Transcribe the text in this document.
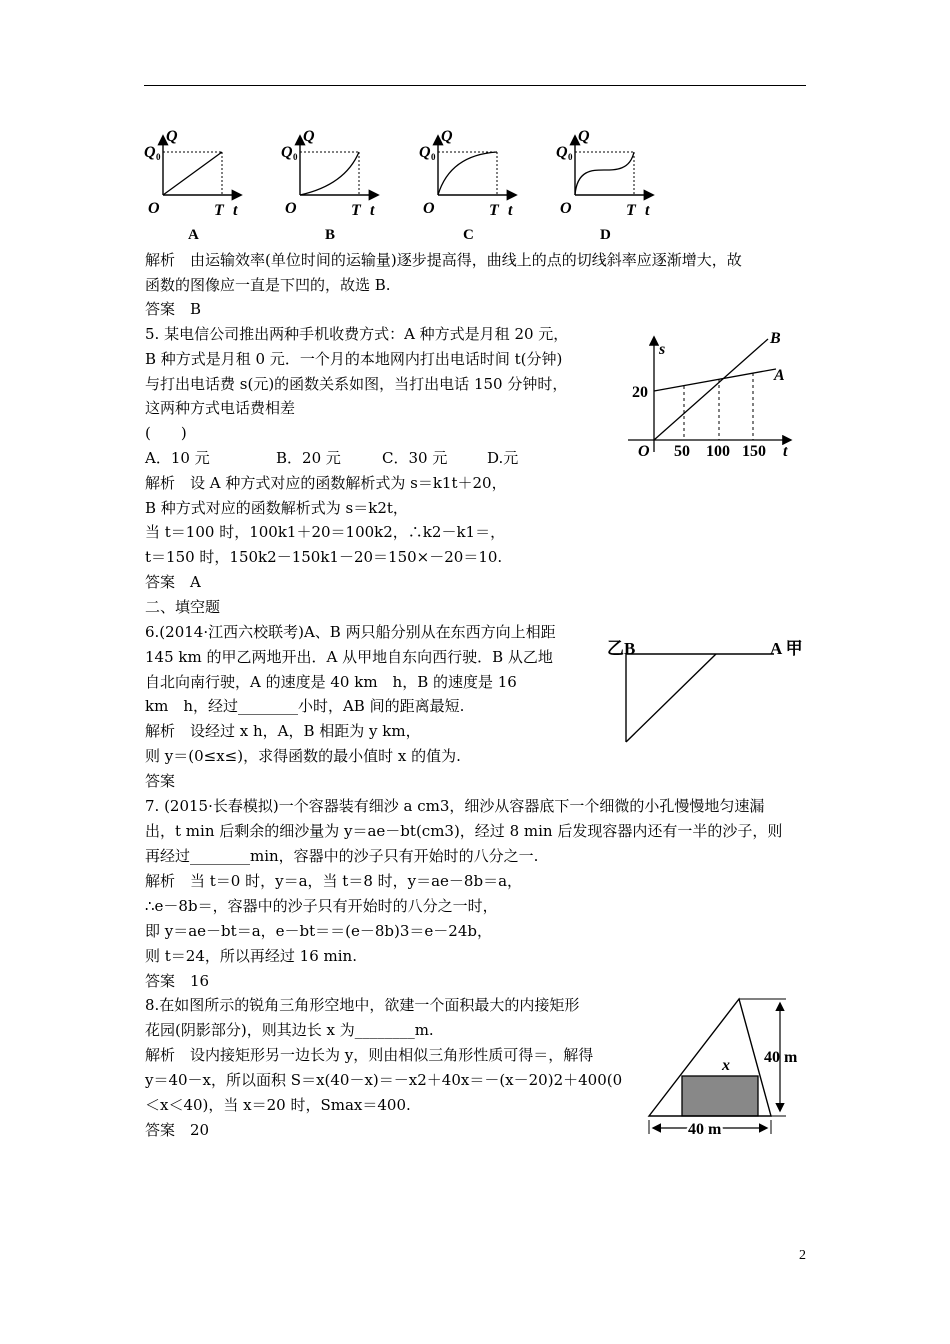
Q
Q 0
O	T t
A
Q
Q 0
O	T t
B
Q
Q 0
O	T t
C
Q
Q 0
O	T t
D
s
B
A
20
O 50 100 150 t
乙B	A 甲
x 40 m
40 m
解析　由运输效率(单位时间的运输量)逐步提高得，曲线上的点的切线斜率应逐渐增大，故
函数的图像应一直是下凹的，故选 B.
答案　B
5. 某电信公司推出两种手机收费方式：A 种方式是月租 20 元，
B 种方式是月租 0 元．一个月的本地网内打出电话时间 t(分钟)
与打出电话费 s(元)的函数关系如图，当打出电话 150 分钟时，
这两种方式电话费相差
(　　)
A．10 元	B．20 元	C．30 元	D.元
解析　设 A 种方式对应的函数解析式为 s＝k1t＋20，
B 种方式对应的函数解析式为 s＝k2t，
当 t＝100 时，100k1＋20＝100k2，∴k2－k1＝，
t＝150 时，150k2－150k1－20＝150×－20＝10.
答案　A
二、填空题
6.(2014·江西六校联考)A、B 两只船分别从在东西方向上相距
145 km 的甲乙两地开出．A 从甲地自东向西行驶．B 从乙地
自北向南行驶，A 的速度是 40 km　h，B 的速度是 16
km　h，经过________小时，AB 间的距离最短.
解析　设经过 x h，A，B 相距为 y km，
则 y＝(0≤x≤)，求得函数的最小值时 x 的值为.
答案
7. (2015·长春模拟)一个容器装有细沙 a cm3，细沙从容器底下一个细微的小孔慢慢地匀速漏
出，t min 后剩余的细沙量为 y＝ae－bt(cm3)，经过 8 min 后发现容器内还有一半的沙子，则
再经过________min，容器中的沙子只有开始时的八分之一.
解析　当 t＝0 时，y＝a，当 t＝8 时，y＝ae－8b＝a，
∴e－8b＝，容器中的沙子只有开始时的八分之一时，
即 y＝ae－bt＝a，e－bt＝＝(e－8b)3＝e－24b，
则 t＝24，所以再经过 16 min.
答案　16
8.在如图所示的锐角三角形空地中，欲建一个面积最大的内接矩形
花园(阴影部分)，则其边长 x 为________m.
解析　设内接矩形另一边长为 y，则由相似三角形性质可得＝，解得
y＝40－x，所以面积 S＝x(40－x)＝－x2＋40x＝－(x－20)2＋400(0
＜x＜40)，当 x＝20 时，Smax＝400.
答案　20
2
